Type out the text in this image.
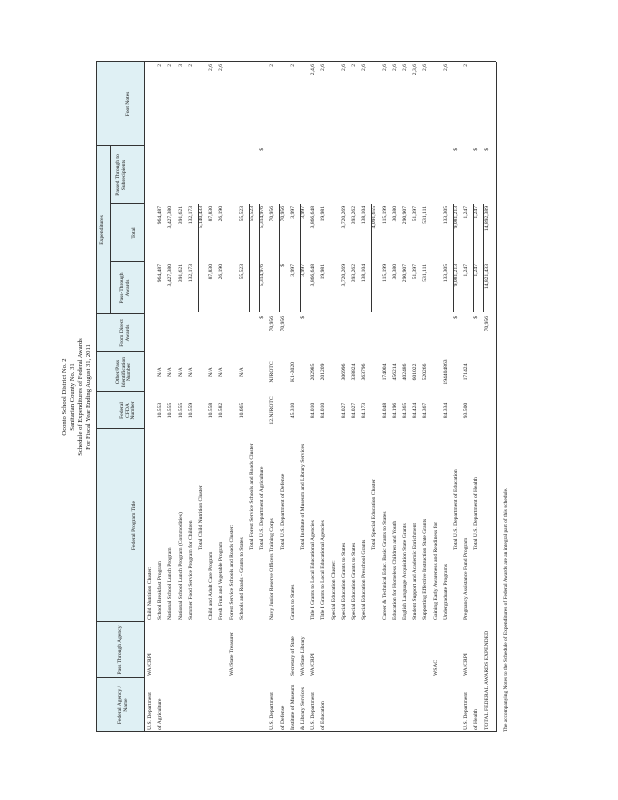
Oconto School District No. 2 Sanitarian County No. 31 Schedule of Expenditures of Federal Awards For Fiscal Year Ending August 31, 2011
Federal Agency / Name
Pass Through Agency
Federal Program Title
Federal CFDA Number
Other/Pass Identification Number
From Direct Awards
Expenditures
Pass-Through Awards
Total
Passed Through to Subrecipients
Foot Notes
U.S. Department
WA/CRPI
Child Nutrition Cluster:
of Agriculture
School Breakfast Program
10.553
N/A
964,487
964,487
2
National School Lunch Program
10.555
N/A
3,427,380
3,427,380
2
National School Lunch Program (Commodities)
10.555
N/A
391,621
391,621
3
Summer Food Service Program for Children
10.559
N/A
132,173
132,173
2
Total Child Nutrition Cluster
5,140,433
Child and Adult Care Program
10.558
N/A
87,830
87,830
2,6
Fresh Fruit and Vegetable Program
10.582
N/A
26,190
26,190
2,6
WA/State Treasurer
Forest Service Schools and Roads Cluster: Schools and Roads - Grants to States
10.665
N/A
55,523
55,523
Total Forest Service Schools and Roads Cluster
55,523
Total U.S. Department of Agriculture
$
5,314,976
5,314,976
$
U.S. Department
Navy Junior Reserve Officers Training Corps
12.NJROTC
NJROTC
70,956
70,956
2
of Defense
Total U.S. Department of Defense
70,956
$
70,956
Institute of Museum
Secretary of State
Grants to States
45.310
K1-3020
3,997
3,997
2
& Library Services
WA/State Library
Total Institute of Museum and Library Services
$
3,997
3,997
U.S. Department
WA/CRPI
Title I Grants to Local Educational Agencies
84.010
202985
3,866,648
3,866,648
2,4,6
of Education
Title I Grants to Local Educational Agencies
84.010
201209
19,981
19,981
2,6
Special Education Cluster: Special Education Grants to States
84.027
306996
3,720,269
3,720,269
2,6
Special Education Grants to States
84.027
338824
393,262
393,262
2
Special Education Preschool Grants
84.173
363796
138,104
138,104
2,6
Total Special Education Cluster
4,091,655
Career & Technical Educ. Basic Grants to States
84.048
174004
115,199
115,199
2,6
Education for Homeless Children and Youth
84.196
456214
30,380
30,380
2,6
English Language Acquisition State Grants
84.365
402486
290,907
290,907
2,6
Student Support and Academic Enrichment
84.424
601022
51,397
51,397
2,3,6
Supporting Effective Instruction State Grants
84.367
520266
531,111
531,111
2,6
WSAC
Gaining Early Awareness and Readiness for Undergraduate Programs
84.334
194404863
133,305
133,305
2,6
Total U.S. Department of Education
$
9,081,213
9,081,213
$
U.S. Department
WA/CRPI
Pregnancy Assistance Fund Program
93.500
171424
1,247
1,247
2
of Health
Total U.S. Department of Health
$
1,247
1,247
$
TOTAL FEDERAL AWARDS EXPENDED
70,956
14,821,433
14,892,389
$
The accompanying Notes to the Schedule of Expenditures of Federal Awards are an integral part of this schedule.
